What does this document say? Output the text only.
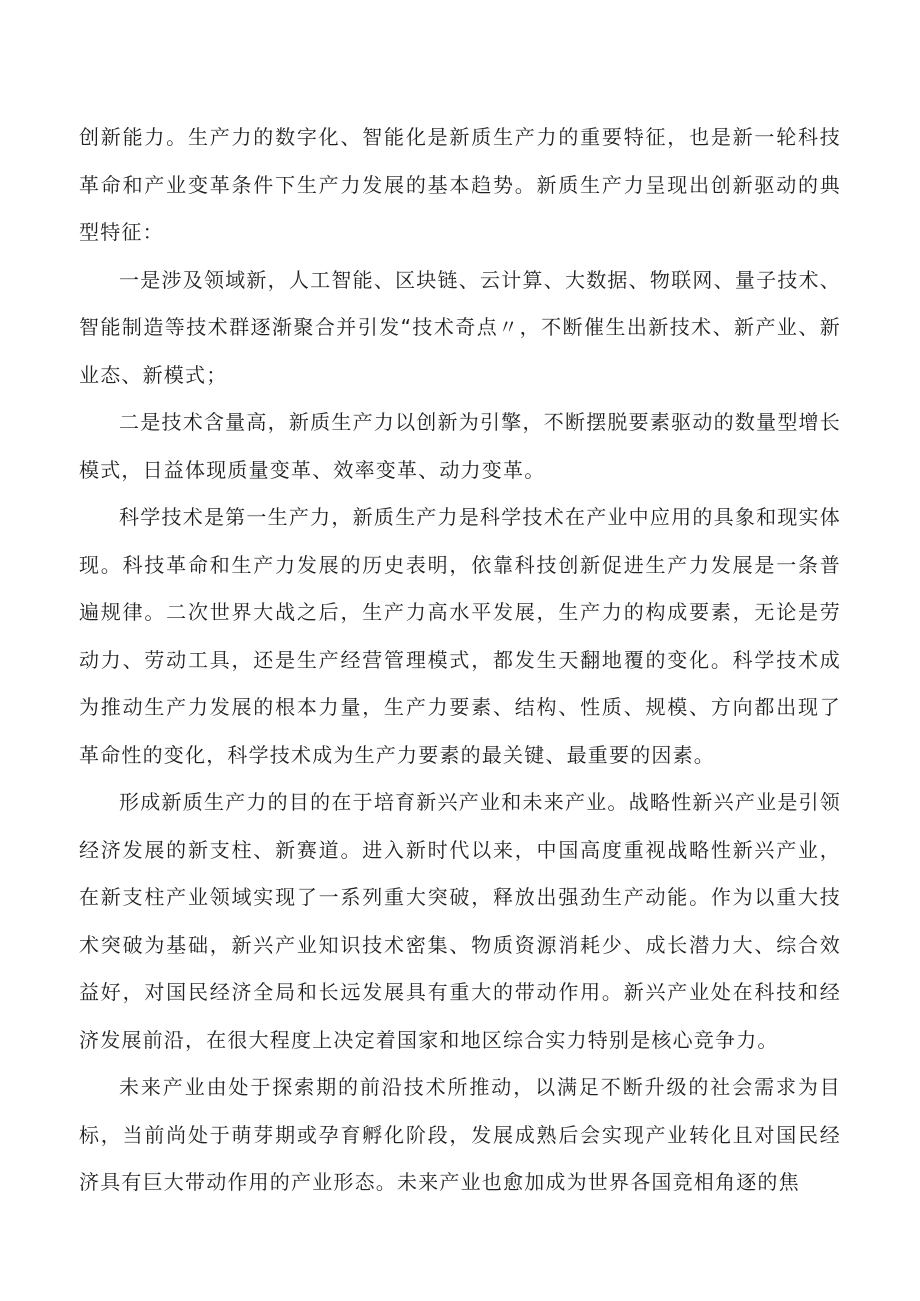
创新能力。生产力的数字化、智能化是新质生产力的重要特征，也是新一轮科技革命和产业变革条件下生产力发展的基本趋势。新质生产力呈现出创新驱动的典型特征：

一是涉及领域新，人工智能、区块链、云计算、大数据、物联网、量子技术、智能制造等技术群逐渐聚合并引发“技术奇点〃，不断催生出新技术、新产业、新业态、新模式；

二是技术含量高，新质生产力以创新为引擎，不断摆脱要素驱动的数量型增长模式，日益体现质量变革、效率变革、动力变革。

科学技术是第一生产力，新质生产力是科学技术在产业中应用的具象和现实体现。科技革命和生产力发展的历史表明，依靠科技创新促进生产力发展是一条普遍规律。二次世界大战之后，生产力高水平发展，生产力的构成要素，无论是劳动力、劳动工具，还是生产经营管理模式，都发生天翻地覆的变化。科学技术成为推动生产力发展的根本力量，生产力要素、结构、性质、规模、方向都出现了革命性的变化，科学技术成为生产力要素的最关键、最重要的因素。

形成新质生产力的目的在于培育新兴产业和未来产业。战略性新兴产业是引领经济发展的新支柱、新赛道。进入新时代以来，中国高度重视战略性新兴产业，在新支柱产业领域实现了一系列重大突破，释放出强劲生产动能。作为以重大技术突破为基础，新兴产业知识技术密集、物质资源消耗少、成长潜力大、综合效益好，对国民经济全局和长远发展具有重大的带动作用。新兴产业处在科技和经济发展前沿，在很大程度上决定着国家和地区综合实力特别是核心竞争力。

未来产业由处于探索期的前沿技术所推动，以满足不断升级的社会需求为目标，当前尚处于萌芽期或孕育孵化阶段，发展成熟后会实现产业转化且对国民经济具有巨大带动作用的产业形态。未来产业也愈加成为世界各国竞相角逐的焦
